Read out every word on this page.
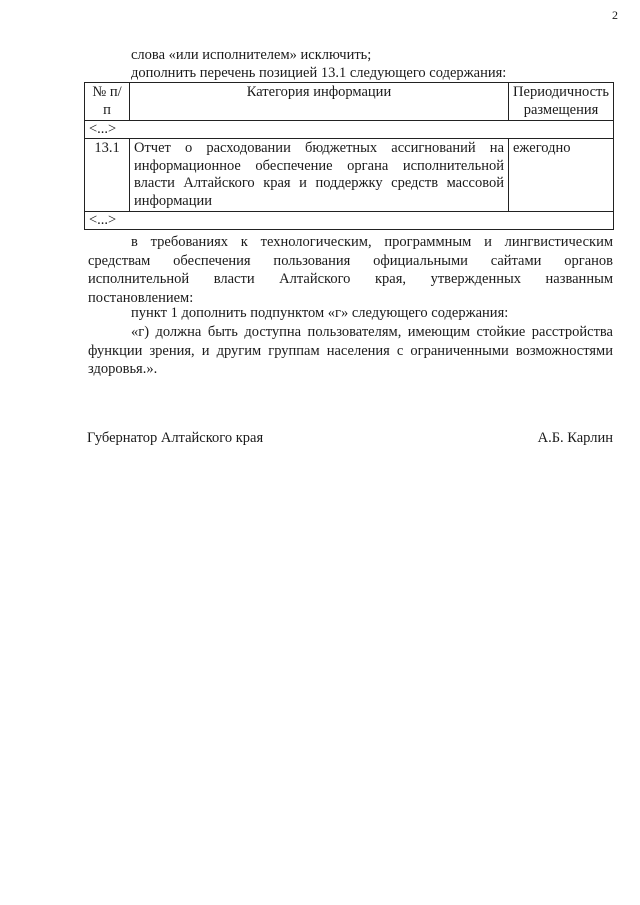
2
слова «или исполнителем» исключить;
дополнить перечень позицией 13.1 следующего содержания:
№ п/п	Категория информации	Периодичность размещения
<...>		
13.1	Отчет о расходовании бюджетных ассигнований на информационное обеспечение органа исполнительной власти Алтайского края и поддержку средств массовой информации	ежегодно
<...>		
в требованиях к технологическим, программным и лингвистическим средствам обеспечения пользования официальными сайтами органов исполнительной власти Алтайского края, утвержденных названным постановлением:
пункт 1 дополнить подпунктом «г» следующего содержания:
«г) должна быть доступна пользователям, имеющим стойкие расстройства функции зрения, и другим группам населения с ограниченными возможностями здоровья.».
Губернатор Алтайского края	А.Б. Карлин
